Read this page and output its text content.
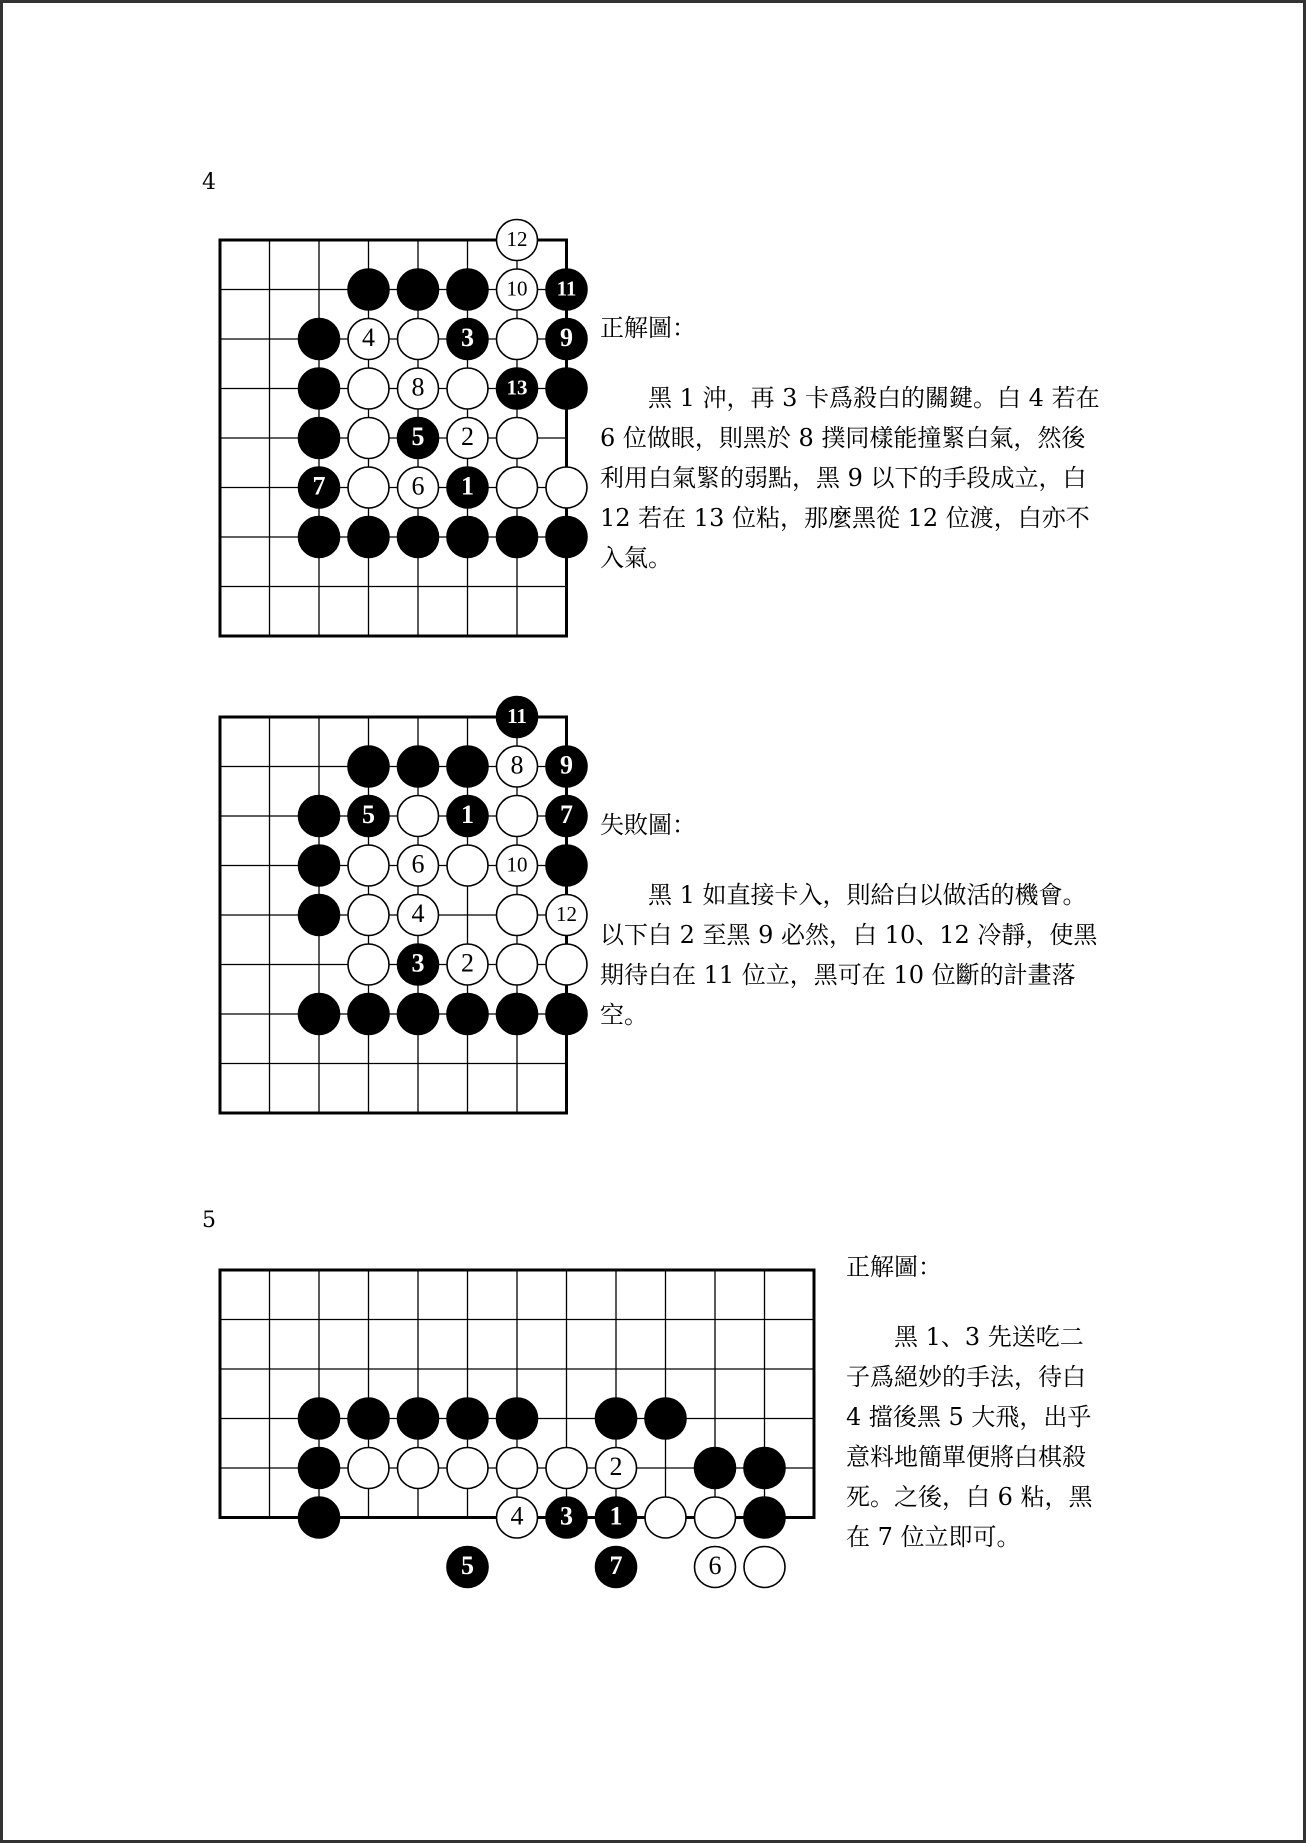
4
12
10 11
4	3	9
8	13
5 2
7	6 1
正解圖：
黑 1 沖，再 3 卡爲殺白的關鍵。白 4 若在 6 位做眼，則黑於 8 撲同樣能撞緊白氣，然後利用白氣緊的弱點，黑 9 以下的手段成立，白 12 若在 13 位粘，那麼黑從 12 位渡，白亦不入氣。
11
8 9
5	1	7
6	10
4	12
3 2
失敗圖：
黑 1 如直接卡入，則給白以做活的機會。以下白 2 至黑 9 必然，白 10、12 冷靜，使黑期待白在 11 位立，黑可在 10 位斷的計畫落空。
5
2
4 3 1
5	7	6
正解圖：
黑 1、3 先送吃二子爲絕妙的手法，待白 4 擋後黑 5 大飛，出乎意料地簡單便將白棋殺死。之後，白 6 粘，黑在 7 位立即可。
